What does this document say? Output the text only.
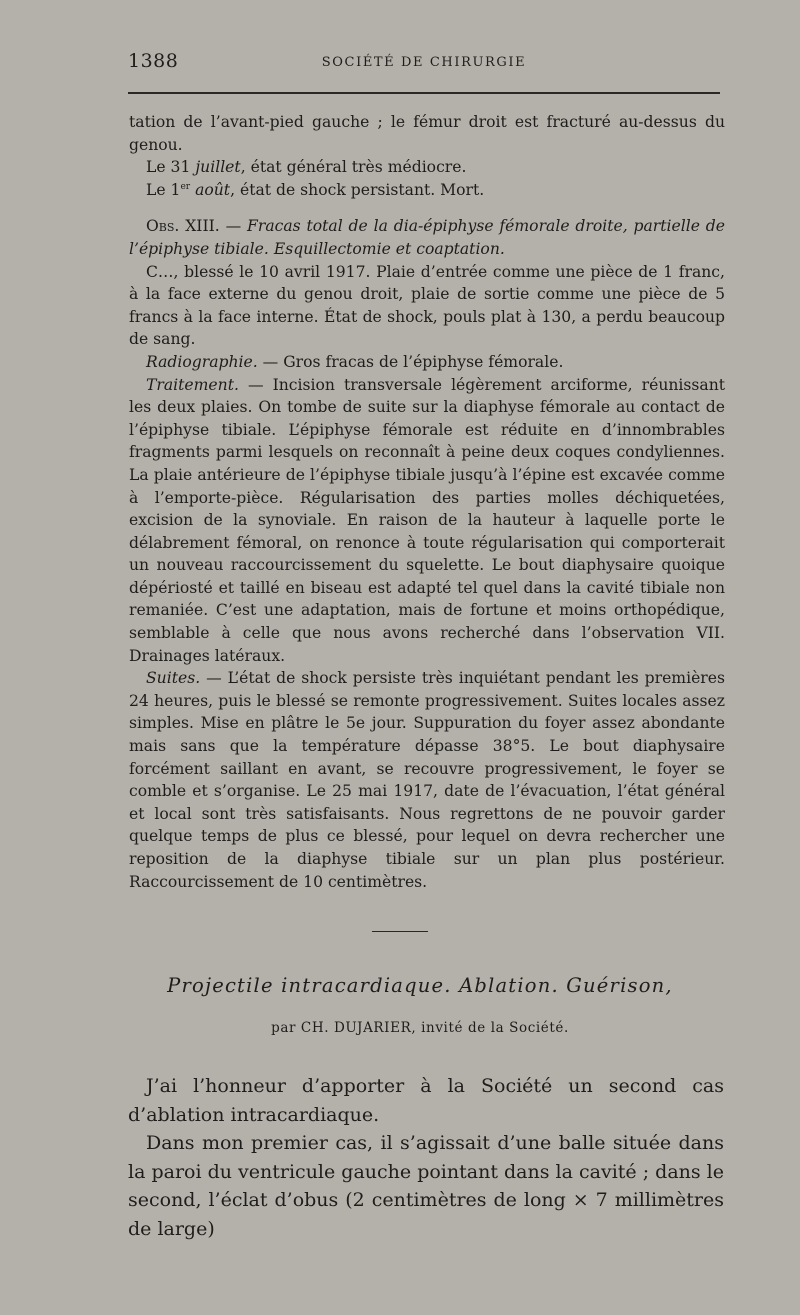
1388	SOCIÉTÉ DE CHIRURGIE

tation de l’avant-pied gauche ; le fémur droit est fracturé au-dessus du genou.

Le 31 juillet, état général très médiocre.

Le 1er août, état de shock persistant. Mort.

Obs. XIII. — Fracas total de la dia-épiphyse fémorale droite, partielle de l’épiphyse tibiale. Esquillectomie et coaptation.

C…, blessé le 10 avril 1917. Plaie d’entrée comme une pièce de 1 franc, à la face externe du genou droit, plaie de sortie comme une pièce de 5 francs à la face interne. État de shock, pouls plat à 130, a perdu beaucoup de sang.

Radiographie. — Gros fracas de l’épiphyse fémorale.

Traitement. — Incision transversale légèrement arciforme, réunissant les deux plaies. On tombe de suite sur la diaphyse fémorale au contact de l’épiphyse tibiale. L’épiphyse fémorale est réduite en d’innombrables fragments parmi lesquels on reconnaît à peine deux coques condyliennes. La plaie antérieure de l’épiphyse tibiale jusqu’à l’épine est excavée comme à l’emporte-pièce. Régularisation des parties molles déchiquetées, excision de la synoviale. En raison de la hauteur à laquelle porte le délabrement fémoral, on renonce à toute régularisation qui comporterait un nouveau raccourcissement du squelette. Le bout diaphysaire quoique dépériosté et taillé en biseau est adapté tel quel dans la cavité tibiale non remaniée. C’est une adaptation, mais de fortune et moins orthopédique, semblable à celle que nous avons recherché dans l’observation VII. Drainages latéraux.

Suites. — L’état de shock persiste très inquiétant pendant les premières 24 heures, puis le blessé se remonte progressivement. Suites locales assez simples. Mise en plâtre le 5e jour. Suppuration du foyer assez abondante mais sans que la température dépasse 38°5. Le bout diaphysaire forcément saillant en avant, se recouvre progressivement, le foyer se comble et s’organise. Le 25 mai 1917, date de l’évacuation, l’état général et local sont très satisfaisants. Nous regrettons de ne pouvoir garder quelque temps de plus ce blessé, pour lequel on devra rechercher une reposition de la diaphyse tibiale sur un plan plus postérieur. Raccourcissement de 10 centimètres.

Projectile intracardiaque. Ablation. Guérison,
par CH. DUJARIER, invité de la Société.

J’ai l’honneur d’apporter à la Société un second cas d’ablation intracardiaque.

Dans mon premier cas, il s’agissait d’une balle située dans la paroi du ventricule gauche pointant dans la cavité ; dans le second, l’éclat d’obus (2 centimètres de long × 7 millimètres de large)
